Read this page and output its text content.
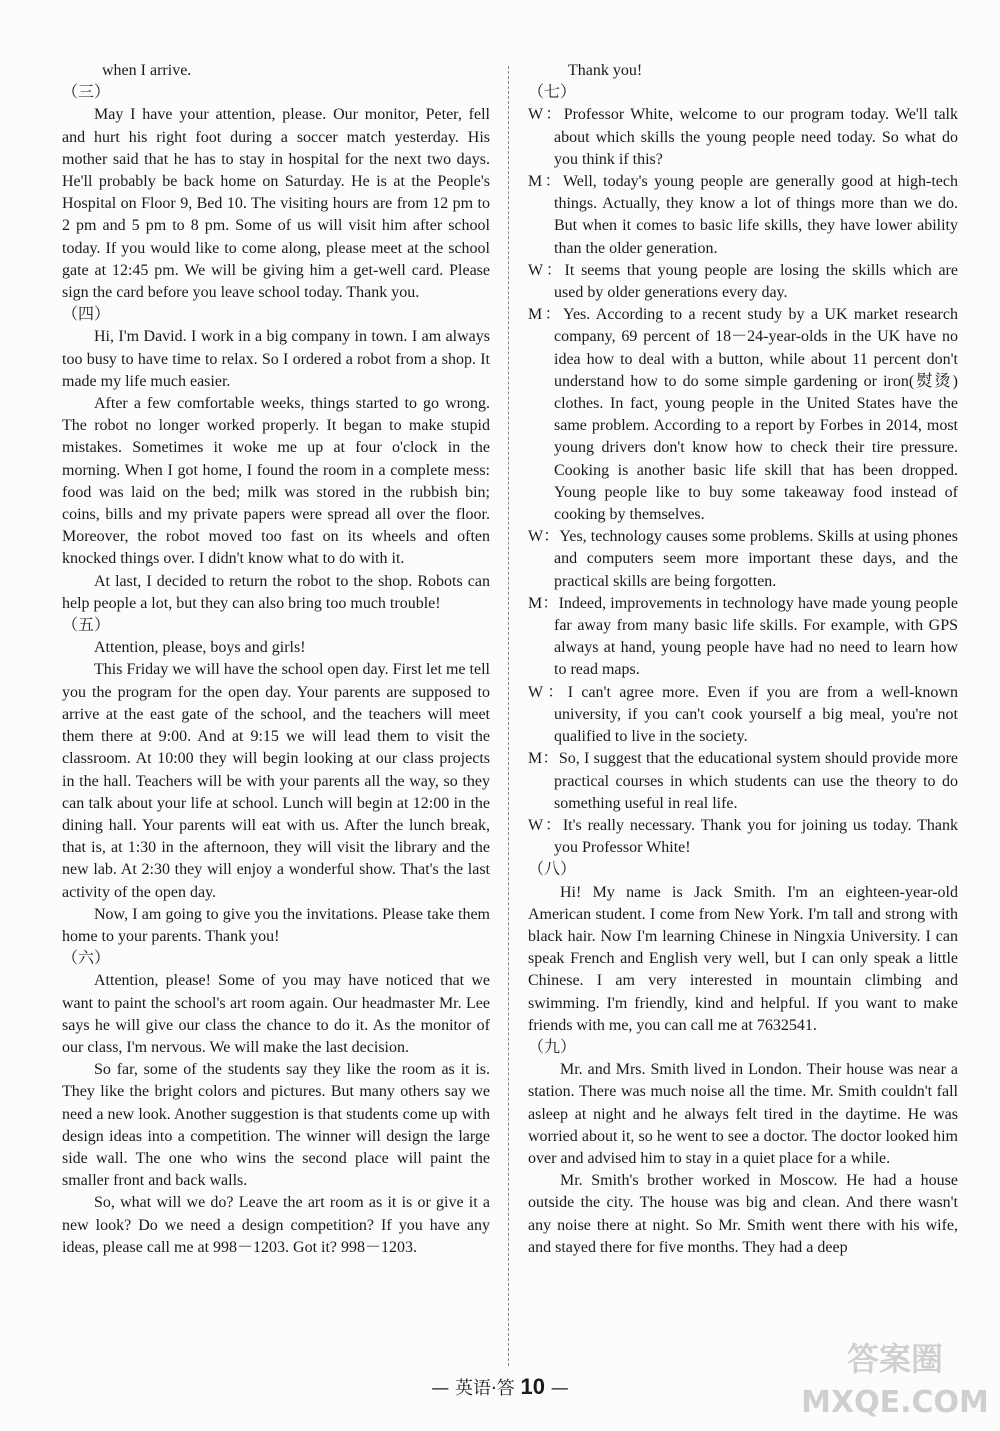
when I arrive.
（三）
May I have your attention, please. Our monitor, Peter, fell and hurt his right foot during a soccer match yesterday. His mother said that he has to stay in hospital for the next two days. He'll probably be back home on Saturday. He is at the People's Hospital on Floor 9, Bed 10. The visiting hours are from 12 pm to 2 pm and 5 pm to 8 pm. Some of us will visit him after school today. If you would like to come along, please meet at the school gate at 12:45 pm. We will be giving him a get-well card. Please sign the card before you leave school today. Thank you.
（四）
Hi, I'm David. I work in a big company in town. I am always too busy to have time to relax. So I ordered a robot from a shop. It made my life much easier.
After a few comfortable weeks, things started to go wrong. The robot no longer worked properly. It began to make stupid mistakes. Sometimes it woke me up at four o'clock in the morning. When I got home, I found the room in a complete mess: food was laid on the bed; milk was stored in the rubbish bin; coins, bills and my private papers were spread all over the floor. Moreover, the robot moved too fast on its wheels and often knocked things over. I didn't know what to do with it.
At last, I decided to return the robot to the shop. Robots can help people a lot, but they can also bring too much trouble!
（五）
Attention, please, boys and girls!
This Friday we will have the school open day. First let me tell you the program for the open day. Your parents are supposed to arrive at the east gate of the school, and the teachers will meet them there at 9:00. And at 9:15 we will lead them to visit the classroom. At 10:00 they will begin looking at our class projects in the hall. Teachers will be with your parents all the way, so they can talk about your life at school. Lunch will begin at 12:00 in the dining hall. Your parents will eat with us. After the lunch break, that is, at 1:30 in the afternoon, they will visit the library and the new lab. At 2:30 they will enjoy a wonderful show. That's the last activity of the open day.
Now, I am going to give you the invitations. Please take them home to your parents. Thank you!
（六）
Attention, please! Some of you may have noticed that we want to paint the school's art room again. Our headmaster Mr. Lee says he will give our class the chance to do it. As the monitor of our class, I'm nervous. We will make the last decision.
So far, some of the students say they like the room as it is. They like the bright colors and pictures. But many others say we need a new look. Another suggestion is that students come up with design ideas into a competition. The winner will design the large side wall. The one who wins the second place will paint the smaller front and back walls.
So, what will we do? Leave the art room as it is or give it a new look? Do we need a design competition? If you have any ideas, please call me at 998－1203. Got it? 998－1203.
Thank you!
（七）
W：Professor White, welcome to our program today. We'll talk about which skills the young people need today. So what do you think if this?
M：Well, today's young people are generally good at high-tech things. Actually, they know a lot of things more than we do. But when it comes to basic life skills, they have lower ability than the older generation.
W：It seems that young people are losing the skills which are used by older generations every day.
M：Yes. According to a recent study by a UK market research company, 69 percent of 18－24-year-olds in the UK have no idea how to deal with a button, while about 11 percent don't understand how to do some simple gardening or iron(熨烫) clothes. In fact, young people in the United States have the same problem. According to a report by Forbes in 2014, most young drivers don't know how to check their tire pressure. Cooking is another basic life skill that has been dropped. Young people like to buy some takeaway food instead of cooking by themselves.
W：Yes, technology causes some problems. Skills at using phones and computers seem more important these days, and the practical skills are being forgotten.
M：Indeed, improvements in technology have made young people far away from many basic life skills. For example, with GPS always at hand, young people have had no need to learn how to read maps.
W：I can't agree more. Even if you are from a well-known university, if you can't cook yourself a big meal, you're not qualified to live in the society.
M：So, I suggest that the educational system should provide more practical courses in which students can use the theory to do something useful in real life.
W：It's really necessary. Thank you for joining us today. Thank you Professor White!
（八）
Hi! My name is Jack Smith. I'm an eighteen-year-old American student. I come from New York. I'm tall and strong with black hair. Now I'm learning Chinese in Ningxia University. I can speak French and English very well, but I can only speak a little Chinese. I am very interested in mountain climbing and swimming. I'm friendly, kind and helpful. If you want to make friends with me, you can call me at 7632541.
（九）
Mr. and Mrs. Smith lived in London. Their house was near a station. There was much noise all the time. Mr. Smith couldn't fall asleep at night and he always felt tired in the daytime. He was worried about it, so he went to see a doctor. The doctor looked him over and advised him to stay in a quiet place for a while.
Mr. Smith's brother worked in Moscow. He had a house outside the city. The house was big and clean. And there wasn't any noise there at night. So Mr. Smith went there with his wife, and stayed there for five months. They had a deep
— 英语·答 10 —
答案圈
MXQE.COM
